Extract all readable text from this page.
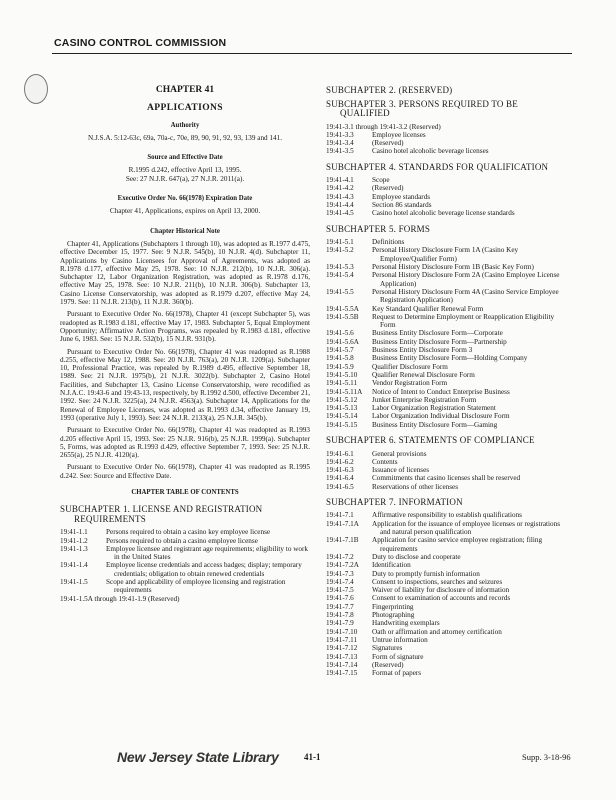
CASINO CONTROL COMMISSION
CHAPTER 41
APPLICATIONS
Authority
N.J.S.A. 5:12-63c, 69a, 70a-c, 70e, 89, 90, 91, 92, 93, 139 and 141.
Source and Effective Date
R.1995 d.242, effective April 13, 1995.
See: 27 N.J.R. 647(a), 27 N.J.R. 2011(a).
Executive Order No. 66(1978) Expiration Date
Chapter 41, Applications, expires on April 13, 2000.
Chapter Historical Note
Chapter 41, Applications (Subchapters 1 through 10), was adopted as R.1977 d.475, effective December 15, 1977. See: 9 N.J.R. 545(b), 10 N.J.R. 4(d). Subchapter 11, Applications by Casino Licensees for Approval of Agreements, was adopted as R.1978 d.177, effective May 25, 1978. See: 10 N.J.R. 212(b), 10 N.J.R. 306(a). Subchapter 12, Labor Organization Registration, was adopted as R.1978 d.176, effective May 25, 1978. See: 10 N.J.R. 211(b), 10 N.J.R. 306(b). Subchapter 13, Casino License Conservatorship, was adopted as R.1979 d.207, effective May 24, 1979. See: 11 N.J.R. 213(b), 11 N.J.R. 360(b).
Pursuant to Executive Order No. 66(1978), Chapter 41 (except Subchapter 5), was readopted as R.1983 d.181, effective May 17, 1983. Subchapter 5, Equal Employment Opportunity; Affirmative Action Programs, was repealed by R.1983 d.181, effective June 6, 1983. See: 15 N.J.R. 532(b), 15 N.J.R. 931(b).
Pursuant to Executive Order No. 66(1978), Chapter 41 was readopted as R.1988 d.255, effective May 12, 1988. See: 20 N.J.R. 763(a), 20 N.J.R. 1209(a). Subchapter 10, Professional Practice, was repealed by R.1989 d.495, effective September 18, 1989. See: 21 N.J.R. 1975(b), 21 N.J.R. 3022(b). Subchapter 2, Casino Hotel Facilities, and Subchapter 13, Casino License Conservatorship, were recodified as N.J.A.C. 19:43-6 and 19:43-13, respectively, by R.1992 d.500, effective December 21, 1992. See: 24 N.J.R. 3225(a), 24 N.J.R. 4563(a). Subchapter 14, Applications for the Renewal of Employee Licenses, was adopted as R.1993 d.34, effective January 19, 1993 (operative July 1, 1993). See: 24 N.J.R. 2133(a), 25 N.J.R. 345(b).
Pursuant to Executive Order No. 66(1978), Chapter 41 was readopted as R.1993 d.205 effective April 15, 1993. See: 25 N.J.R. 916(b), 25 N.J.R. 1999(a). Subchapter 5, Forms, was adopted as R.1993 d.429, effective September 7, 1993. See: 25 N.J.R. 2655(a), 25 N.J.R. 4120(a).
Pursuant to Executive Order No. 66(1978), Chapter 41 was readopted as R.1995 d.242. See: Source and Effective Date.
CHAPTER TABLE OF CONTENTS
SUBCHAPTER 1. LICENSE AND REGISTRATION
REQUIREMENTS
19:41-1.1	Persons required to obtain a casino key employee license
19:41-1.2	Persons required to obtain a casino employee license
19:41-1.3	Employee licensee and registrant age requirements; eligibility to work in the United States
19:41-1.4	Employee license credentials and access badges; display; temporary credentials; obligation to obtain renewed credentials
19:41-1.5	Scope and applicability of employee licensing and registration requirements
19:41-1.5A through 19:41-1.9 (Reserved)
SUBCHAPTER 2. (RESERVED)
SUBCHAPTER 3. PERSONS REQUIRED TO BE
QUALIFIED
19:41-3.1 through 19:41-3.2 (Reserved)
19:41-3.3	Employee licenses
19:41-3.4	(Reserved)
19:41-3.5	Casino hotel alcoholic beverage licenses
SUBCHAPTER 4. STANDARDS FOR QUALIFICATION
19:41-4.1	Scope
19:41-4.2	(Reserved)
19:41-4.3	Employee standards
19:41-4.4	Section 86 standards
19:41-4.5	Casino hotel alcoholic beverage license standards
SUBCHAPTER 5. FORMS
19:41-5.1	Definitions
19:41-5.2	Personal History Disclosure Form 1A (Casino Key Employee/Qualifier Form)
19:41-5.3	Personal History Disclosure Form 1B (Basic Key Form)
19:41-5.4	Personal History Disclosure Form 2A (Casino Employee License Application)
19:41-5.5	Personal History Disclosure Form 4A (Casino Service Employee Registration Application)
19:41-5.5A	Key Standard Qualifier Renewal Form
19:41-5.5B	Request to Determine Employment or Reapplication Eligibility Form
19:41-5.6	Business Entity Disclosure Form—Corporate
19:41-5.6A	Business Entity Disclosure Form—Partnership
19:41-5.7	Business Entity Disclosure Form 3
19:41-5.8	Business Entity Disclosure Form—Holding Company
19:41-5.9	Qualifier Disclosure Form
19:41-5.10	Qualifier Renewal Disclosure Form
19:41-5.11	Vendor Registration Form
19:41-5.11A	Notice of Intent to Conduct Enterprise Business
19:41-5.12	Junket Enterprise Registration Form
19:41-5.13	Labor Organization Registration Statement
19:41-5.14	Labor Organization Individual Disclosure Form
19:41-5.15	Business Entity Disclosure Form—Gaming
SUBCHAPTER 6. STATEMENTS OF COMPLIANCE
19:41-6.1	General provisions
19:41-6.2	Contents
19:41-6.3	Issuance of licenses
19:41-6.4	Commitments that casino licenses shall be reserved
19:41-6.5	Reservations of other licenses
SUBCHAPTER 7. INFORMATION
19:41-7.1	Affirmative responsibility to establish qualifications
19:41-7.1A	Application for the issuance of employee licenses or registrations and natural person qualification
19:41-7.1B	Application for casino service employee registration; filing requirements
19:41-7.2	Duty to disclose and cooperate
19:41-7.2A	Identification
19:41-7.3	Duty to promptly furnish information
19:41-7.4	Consent to inspections, searches and seizures
19:41-7.5	Waiver of liability for disclosure of information
19:41-7.6	Consent to examination of accounts and records
19:41-7.7	Fingerprinting
19:41-7.8	Photographing
19:41-7.9	Handwriting exemplars
19:41-7.10	Oath or affirmation and attorney certification
19:41-7.11	Untrue information
19:41-7.12	Signatures
19:41-7.13	Form of signature
19:41-7.14	(Reserved)
19:41-7.15	Format of papers
New Jersey State Library	41-1	Supp. 3-18-96
